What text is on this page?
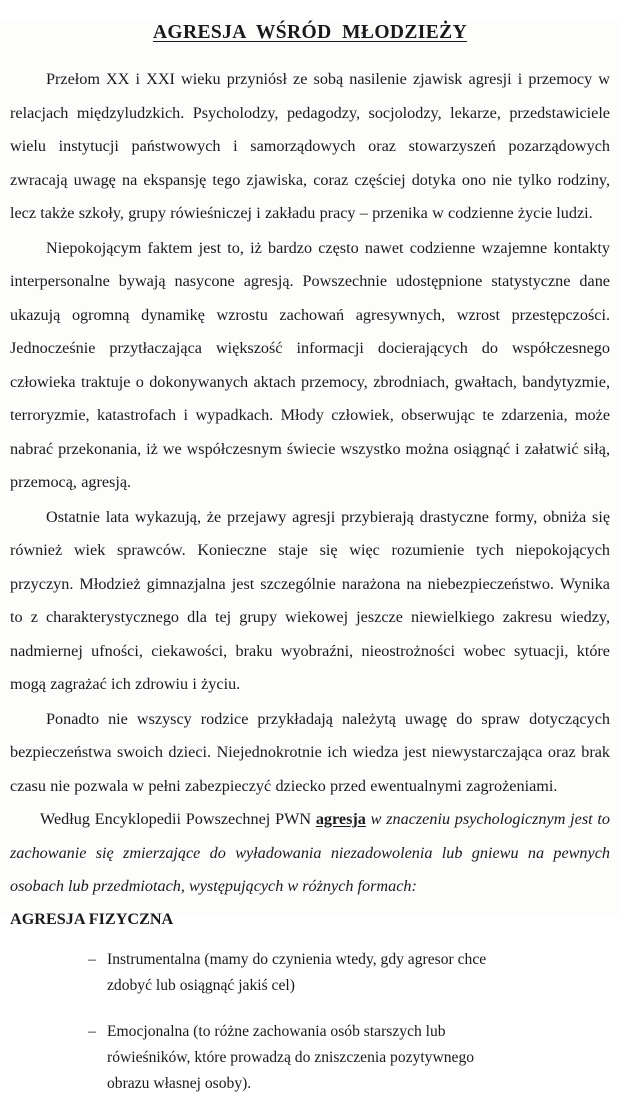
AGRESJA  WŚRÓD  MŁODZIEŻY

Przełom XX i XXI wieku przyniósł ze sobą nasilenie zjawisk agresji i przemocy w relacjach międzyludzkich. Psycholodzy, pedagodzy, socjolodzy, lekarze, przedstawiciele wielu instytucji państwowych i samorządowych oraz stowarzyszeń pozarządowych zwracają uwagę na ekspansję tego zjawiska, coraz częściej dotyka ono nie tylko rodziny, lecz także szkoły, grupy rówieśniczej i zakładu pracy – przenika w codzienne życie ludzi.

Niepokojącym faktem jest to, iż bardzo często nawet codzienne wzajemne kontakty interpersonalne bywają nasycone agresją. Powszechnie udostępnione statystyczne dane ukazują ogromną dynamikę wzrostu zachowań agresywnych, wzrost przestępczości. Jednocześnie przytłaczająca większość informacji docierających do współczesnego człowieka traktuje o dokonywanych aktach przemocy, zbrodniach, gwałtach, bandytyzmie, terroryzmie, katastrofach i wypadkach. Młody człowiek, obserwując te zdarzenia, może nabrać przekonania, iż we współczesnym świecie wszystko można osiągnąć i załatwić siłą, przemocą, agresją.

Ostatnie lata wykazują, że przejawy agresji przybierają drastyczne formy, obniża się również wiek sprawców. Konieczne staje się więc rozumienie tych niepokojących przyczyn. Młodzież gimnazjalna jest szczególnie narażona na niebezpieczeństwo. Wynika to z charakterystycznego dla tej grupy wiekowej jeszcze niewielkiego zakresu wiedzy, nadmiernej ufności, ciekawości, braku wyobraźni, nieostrożności wobec sytuacji, które mogą zagrażać ich zdrowiu i życiu.

Ponadto nie wszyscy rodzice przykładają należytą uwagę do spraw dotyczących bezpieczeństwa swoich dzieci. Niejednokrotnie ich wiedza jest niewystarczająca oraz brak czasu nie pozwala w pełni zabezpieczyć dziecko przed ewentualnymi zagrożeniami.

Według Encyklopedii Powszechnej PWN agresja w znaczeniu psychologicznym jest to zachowanie się zmierzające do wyładowania niezadowolenia lub gniewu na pewnych osobach lub przedmiotach, występujących w różnych formach:

AGRESJA FIZYCZNA

– Instrumentalna (mamy do czynienia wtedy, gdy agresor chce zdobyć lub osiągnąć jakiś cel)
– Emocjonalna (to różne zachowania osób starszych lub rówieśników, które prowadzą do zniszczenia pozytywnego obrazu własnej osoby).
